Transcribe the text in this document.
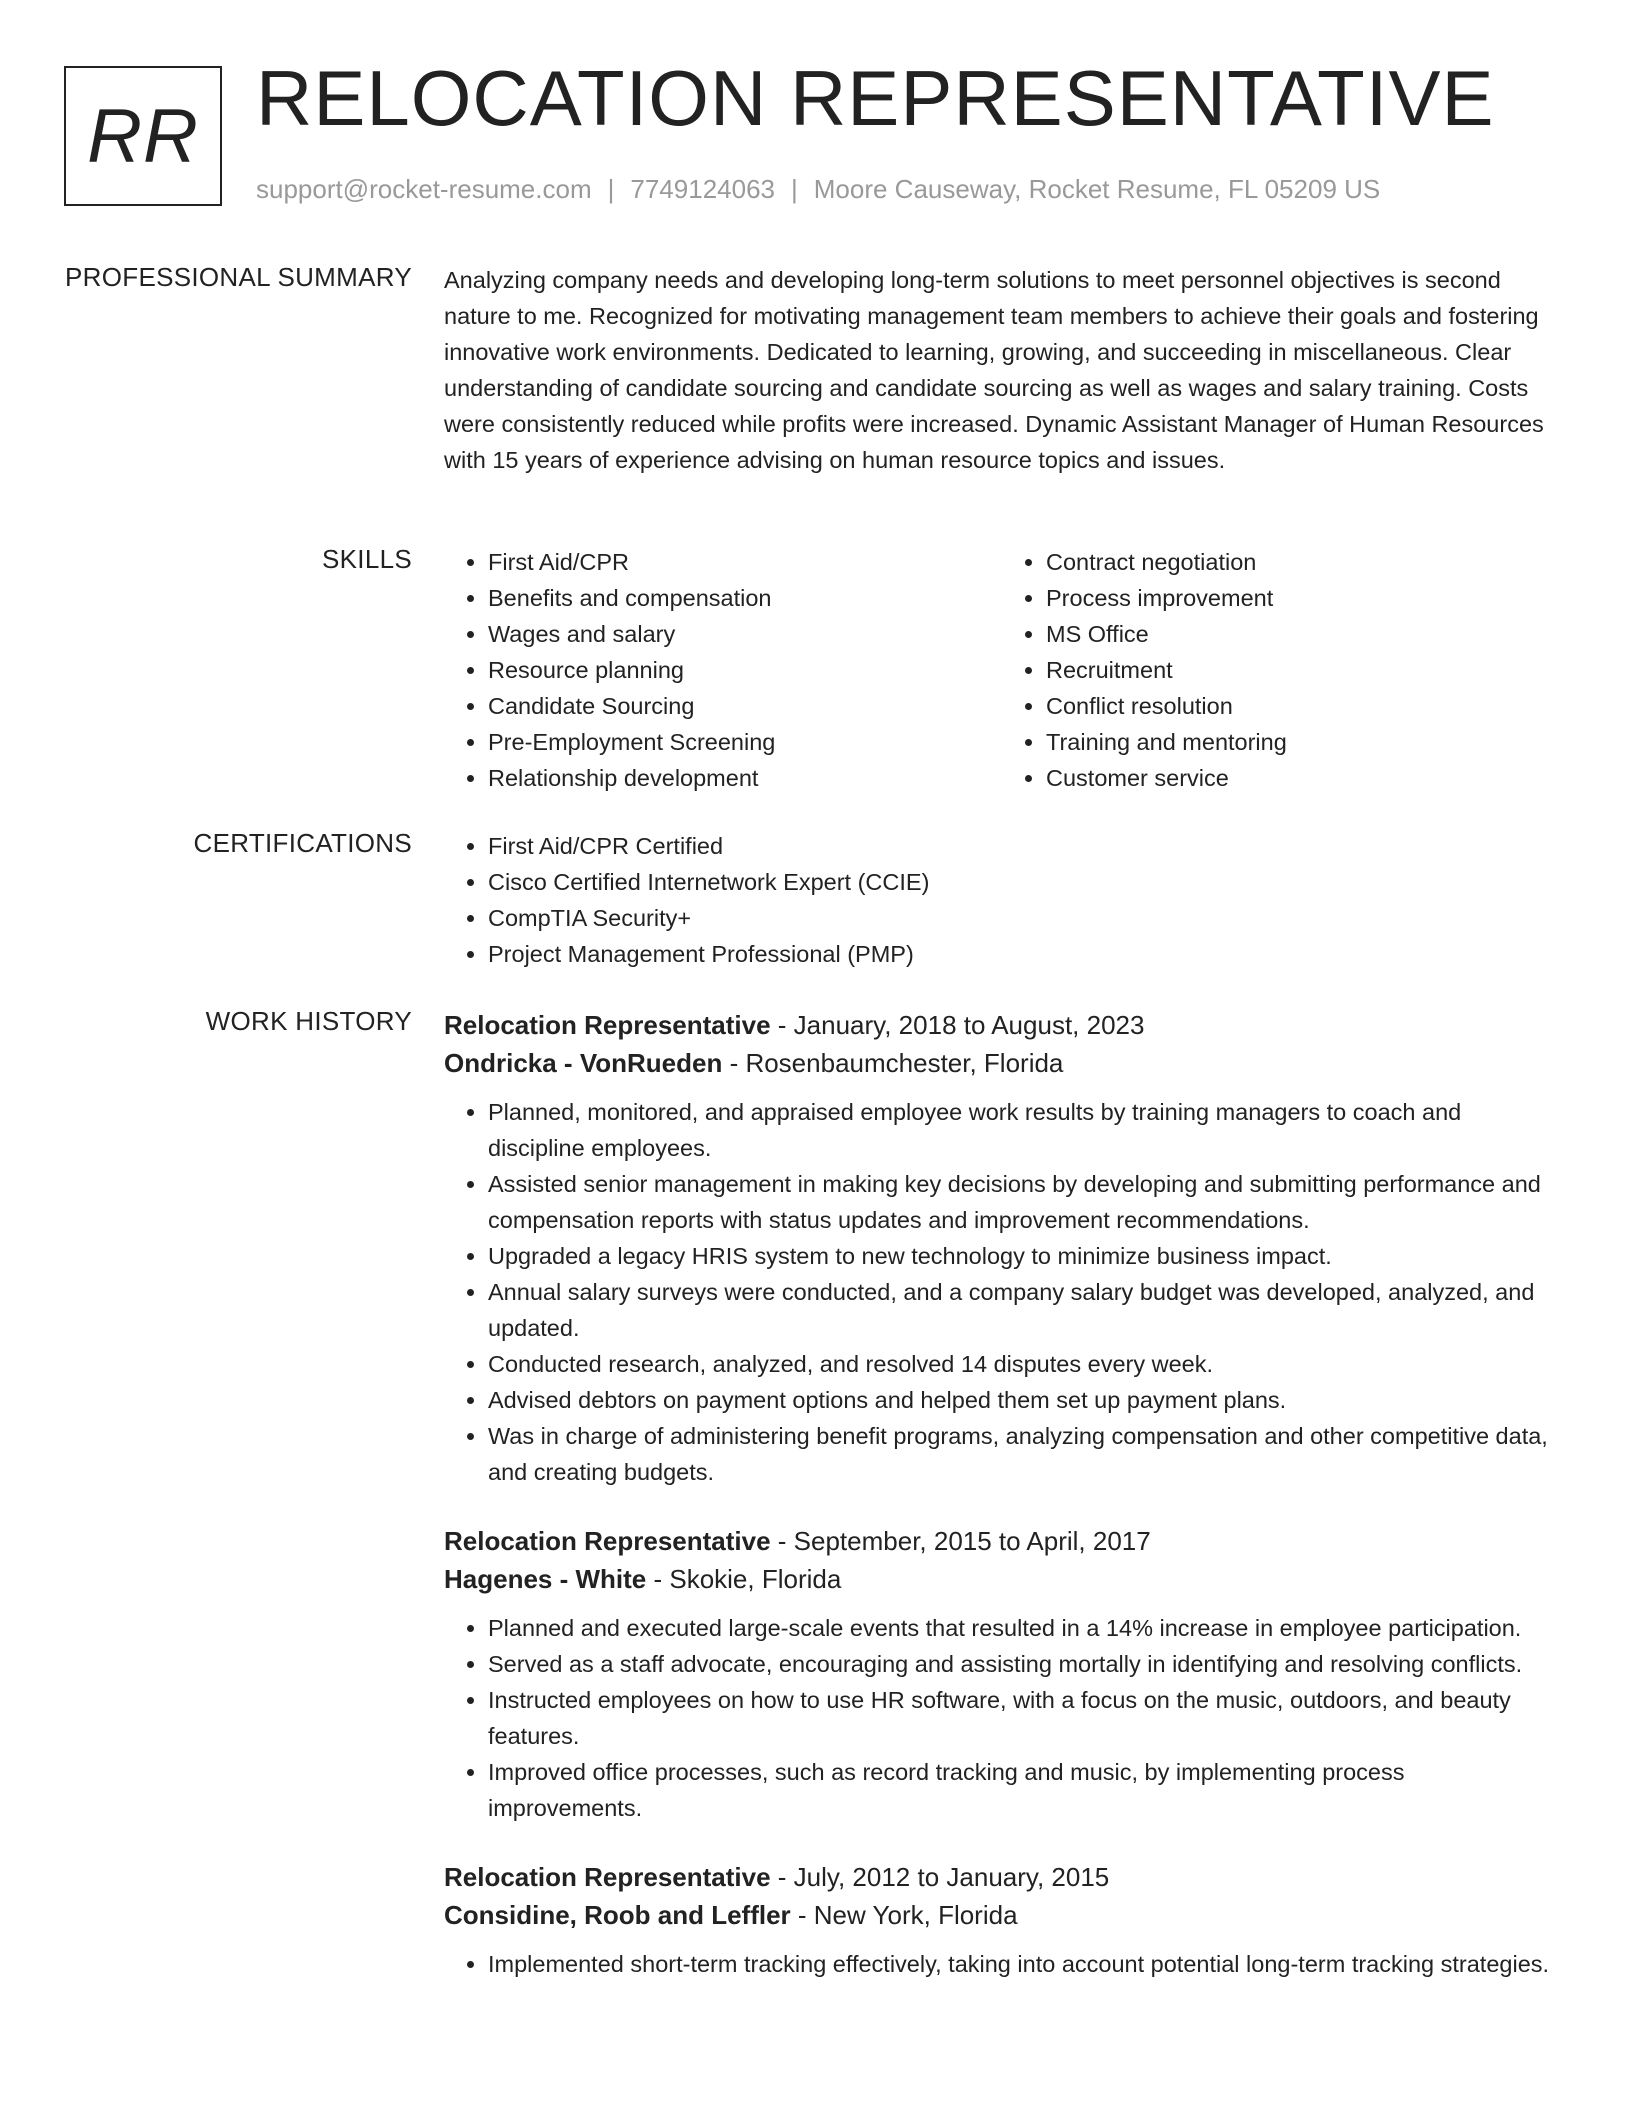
RR RELOCATION REPRESENTATIVE
support@rocket-resume.com | 7749124063 | Moore Causeway, Rocket Resume, FL 05209 US
PROFESSIONAL SUMMARY Analyzing company needs and developing long-term solutions to meet personnel objectives is second nature to me. Recognized for motivating management team members to achieve their goals and fostering innovative work environments. Dedicated to learning, growing, and succeeding in miscellaneous. Clear understanding of candidate sourcing and candidate sourcing as well as wages and salary training. Costs were consistently reduced while profits were increased. Dynamic Assistant Manager of Human Resources with 15 years of experience advising on human resource topics and issues.

SKILLS	• First Aid/CPR
• Benefits and compensation
• Wages and salary
• Resource planning
• Candidate Sourcing
• Pre-Employment Screening
• Relationship development
• Contract negotiation
• Process improvement
• MS Office
• Recruitment
• Conflict resolution
• Training and mentoring
• Customer service
CERTIFICATIONS	• First Aid/CPR Certified
• Cisco Certified Internetwork Expert (CCIE)
• CompTIA Security+
• Project Management Professional (PMP)
WORK HISTORY Relocation Representative - January, 2018 to August, 2023
Ondricka - VonRueden - Rosenbaumchester, Florida
• Planned, monitored, and appraised employee work results by training managers to coach and discipline employees.
• Assisted senior management in making key decisions by developing and submitting performance and compensation reports with status updates and improvement recommendations.
• Upgraded a legacy HRIS system to new technology to minimize business impact.
• Annual salary surveys were conducted, and a company salary budget was developed, analyzed, and updated.
• Conducted research, analyzed, and resolved 14 disputes every week.
• Advised debtors on payment options and helped them set up payment plans.
• Was in charge of administering benefit programs, analyzing compensation and other competitive data, and creating budgets.
Relocation Representative - September, 2015 to April, 2017
Hagenes - White - Skokie, Florida
• Planned and executed large-scale events that resulted in a 14% increase in employee participation.
• Served as a staff advocate, encouraging and assisting mortally in identifying and resolving conflicts.
• Instructed employees on how to use HR software, with a focus on the music, outdoors, and beauty features.
• Improved office processes, such as record tracking and music, by implementing process improvements.
Relocation Representative - July, 2012 to January, 2015
Considine, Roob and Leffler - New York, Florida
• Implemented short-term tracking effectively, taking into account potential long-term tracking strategies.
